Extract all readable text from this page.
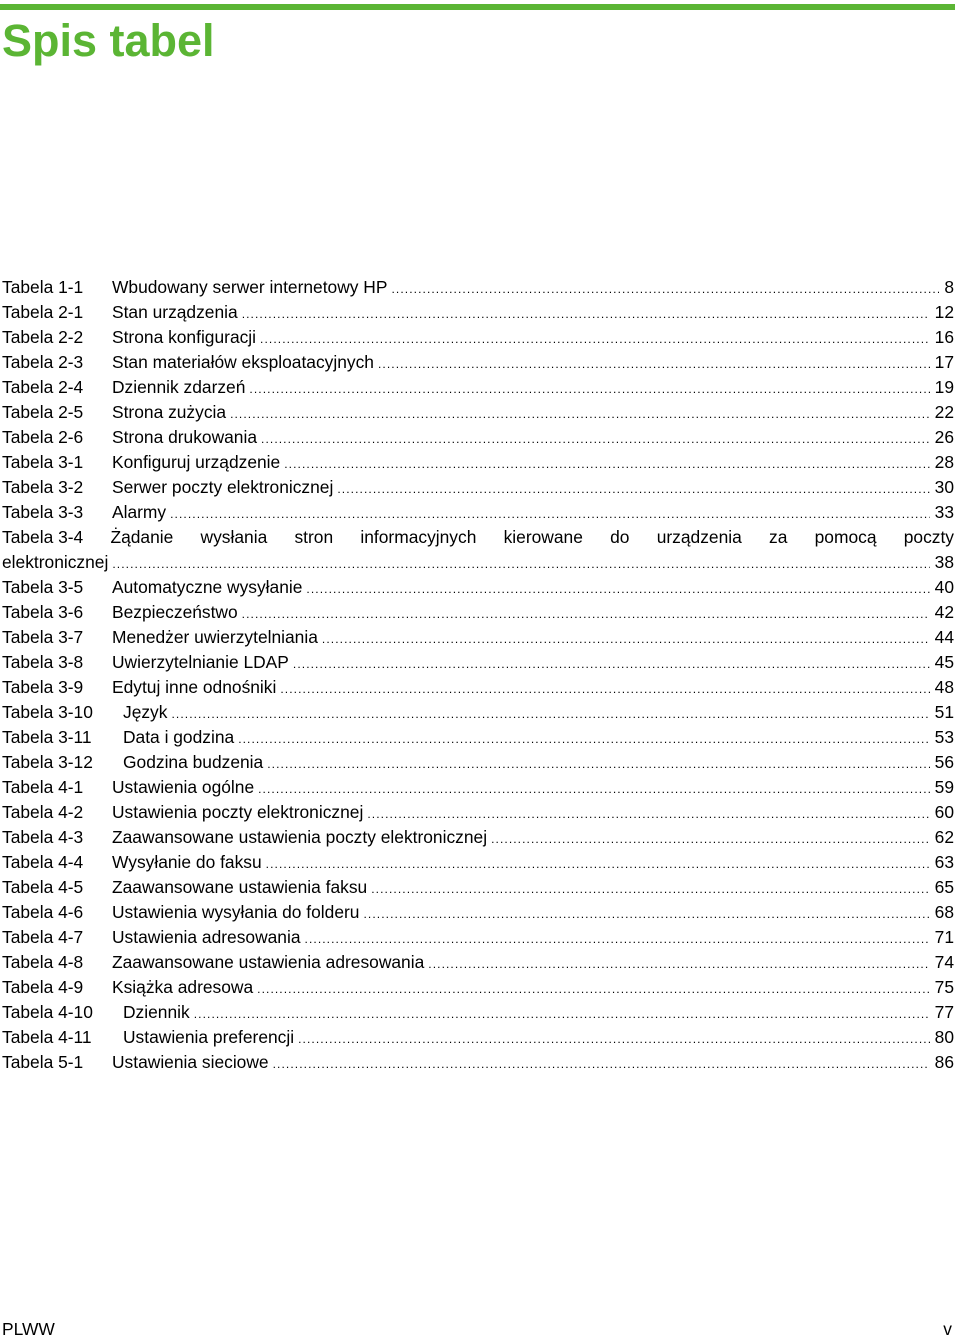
Spis tabel
Tabela 1-1	Wbudowany serwer internetowy HP .....	8
Tabela 2-1	Stan urządzenia .....	12
Tabela 2-2	Strona konfiguracji .....	16
Tabela 2-3	Stan materiałów eksploatacyjnych .....	17
Tabela 2-4	Dziennik zdarzeń .....	19
Tabela 2-5	Strona zużycia .....	22
Tabela 2-6	Strona drukowania .....	26
Tabela 3-1	Konfiguruj urządzenie .....	28
Tabela 3-2	Serwer poczty elektronicznej .....	30
Tabela 3-3	Alarmy .....	33
Tabela 3-4 Żądanie wysłania stron informacyjnych kierowane do urządzenia za pomocą poczty
elektronicznej .....	38
Tabela 3-5	Automatyczne wysyłanie .....	40
Tabela 3-6	Bezpieczeństwo .....	42
Tabela 3-7	Menedżer uwierzytelniania .....	44
Tabela 3-8	Uwierzytelnianie LDAP .....	45
Tabela 3-9	Edytuj inne odnośniki .....	48
Tabela 3-10	Język .....	51
Tabela 3-11	Data i godzina .....	53
Tabela 3-12	Godzina budzenia .....	56
Tabela 4-1	Ustawienia ogólne .....	59
Tabela 4-2	Ustawienia poczty elektronicznej .....	60
Tabela 4-3	Zaawansowane ustawienia poczty elektronicznej .....	62
Tabela 4-4	Wysyłanie do faksu .....	63
Tabela 4-5	Zaawansowane ustawienia faksu .....	65
Tabela 4-6	Ustawienia wysyłania do folderu .....	68
Tabela 4-7	Ustawienia adresowania .....	71
Tabela 4-8	Zaawansowane ustawienia adresowania .....	74
Tabela 4-9	Książka adresowa .....	75
Tabela 4-10	Dziennik .....	77
Tabela 4-11	Ustawienia preferencji .....	80
Tabela 5-1	Ustawienia sieciowe .....	86
PLWW	v
